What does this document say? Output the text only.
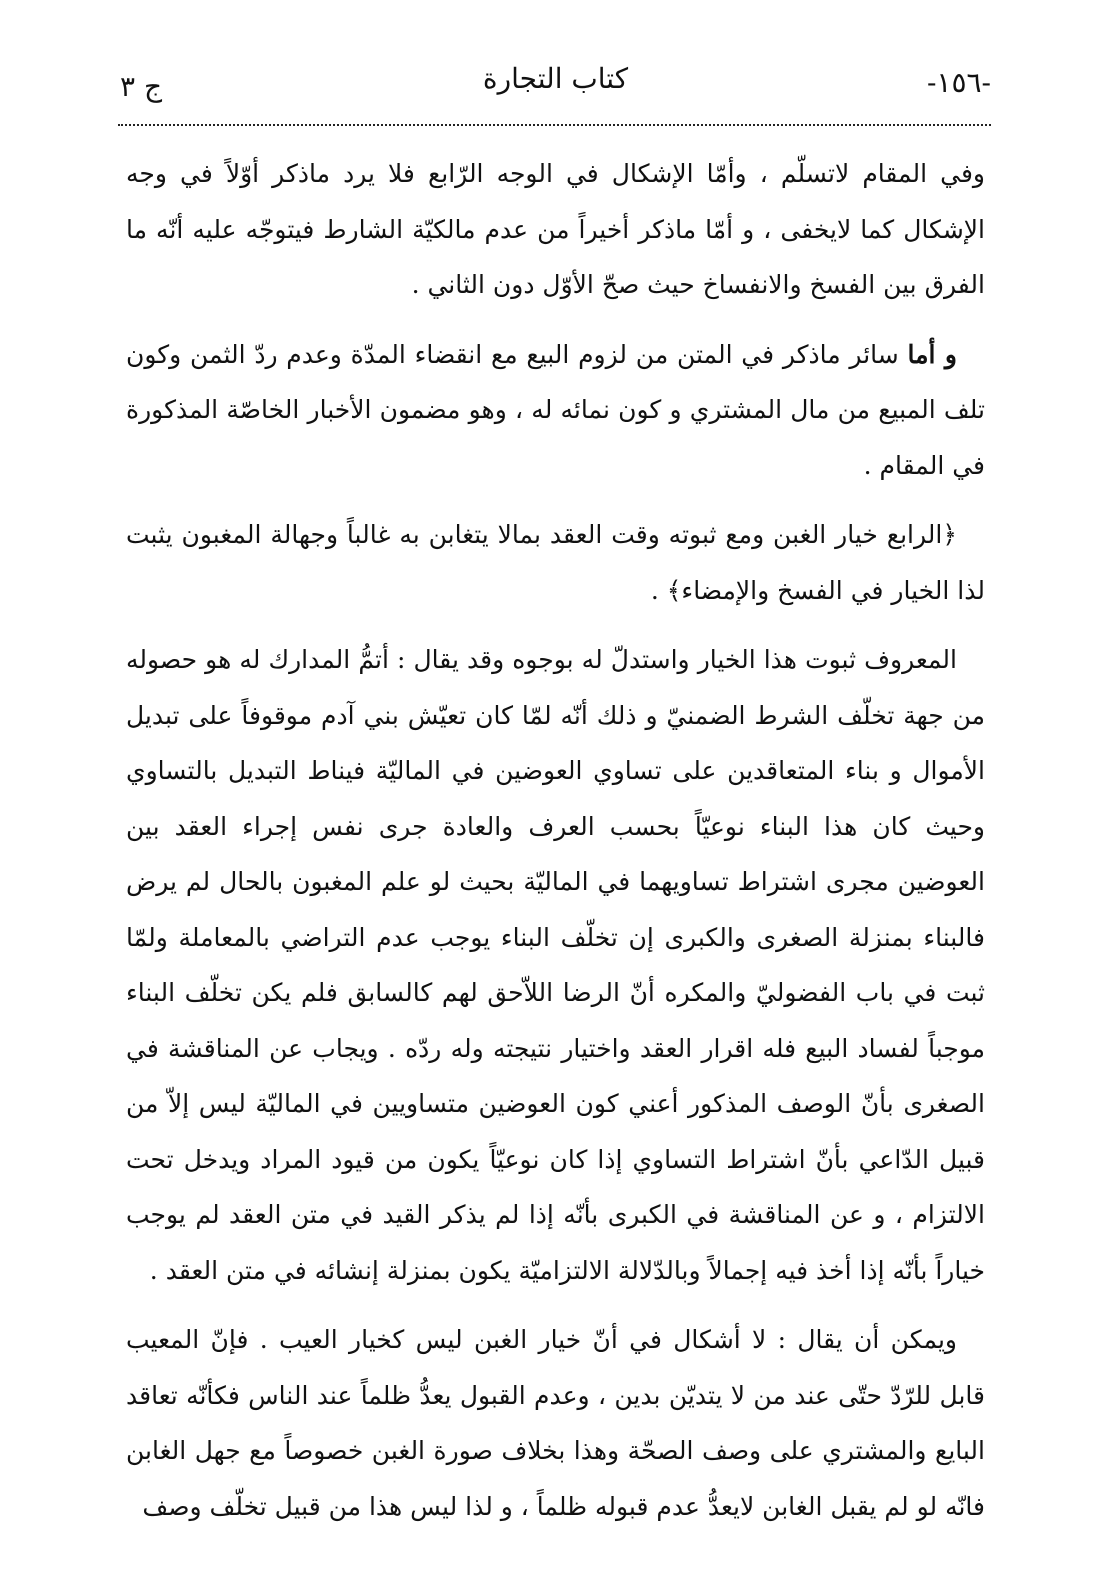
-١٥٦-
كتاب التجارة
ج ٣

وفي المقام لاتسلّم ، وأمّا الإشكال في الوجه الرّابع فلا يرد ماذكر أوّلاً في وجه الإشكال كما لايخفى ، و أمّا ماذكر أخيراً من عدم مالكيّة الشارط فيتوجّه عليه أنّه ما الفرق بين الفسخ والانفساخ حيث صحّ الأوّل دون الثاني .

و أما سائر ماذكر في المتن من لزوم البيع مع انقضاء المدّة وعدم ردّ الثمن وكون تلف المبيع من مال المشتري و كون نمائه له ، وهو مضمون الأخبار الخاصّة المذكورة في المقام .

﴿الرابع خيار الغبن ومع ثبوته وقت العقد بمالا يتغابن به غالباً وجهالة المغبون يثبت لذا الخيار في الفسخ والإمضاء﴾ .

المعروف ثبوت هذا الخيار واستدلّ له بوجوه وقد يقال : أتمُّ المدارك له هو حصوله من جهة تخلّف الشرط الضمنيّ و ذلك أنّه لمّا كان تعيّش بني آدم موقوفاً على تبديل الأموال و بناء المتعاقدين على تساوي العوضين في الماليّة فيناط التبديل بالتساوي وحيث كان هذا البناء نوعيّاً بحسب العرف والعادة جرى نفس إجراء العقد بين العوضين مجرى اشتراط تساويهما في الماليّة بحيث لو علم المغبون بالحال لم يرض فالبناء بمنزلة الصغرى والكبرى إن تخلّف البناء يوجب عدم التراضي بالمعاملة ولمّا ثبت في باب الفضوليّ والمكره أنّ الرضا اللاّحق لهم كالسابق فلم يكن تخلّف البناء موجباً لفساد البيع فله اقرار العقد واختيار نتيجته وله ردّه . ويجاب عن المناقشة في الصغرى بأنّ الوصف المذكور أعني كون العوضين متساويين في الماليّة ليس إلاّ من قبيل الدّاعي بأنّ اشتراط التساوي إذا كان نوعيّاً يكون من قيود المراد ويدخل تحت الالتزام ، و عن المناقشة في الكبرى بأنّه إذا لم يذكر القيد في متن العقد لم يوجب خياراً بأنّه إذا أخذ فيه إجمالاً وبالدّلالة الالتزاميّة يكون بمنزلة إنشائه في متن العقد .

ويمكن أن يقال : لا أشكال في أنّ خيار الغبن ليس كخيار العيب . فإنّ المعيب قابل للرّدّ حتّى عند من لا يتديّن بدين ، وعدم القبول يعدُّ ظلماً عند الناس فكأنّه تعاقد البايع والمشتري على وصف الصحّة وهذا بخلاف صورة الغبن خصوصاً مع جهل الغابن فانّه لو لم يقبل الغابن لايعدُّ عدم قبوله ظلماً ، و لذا ليس هذا من قبيل تخلّف وصف
